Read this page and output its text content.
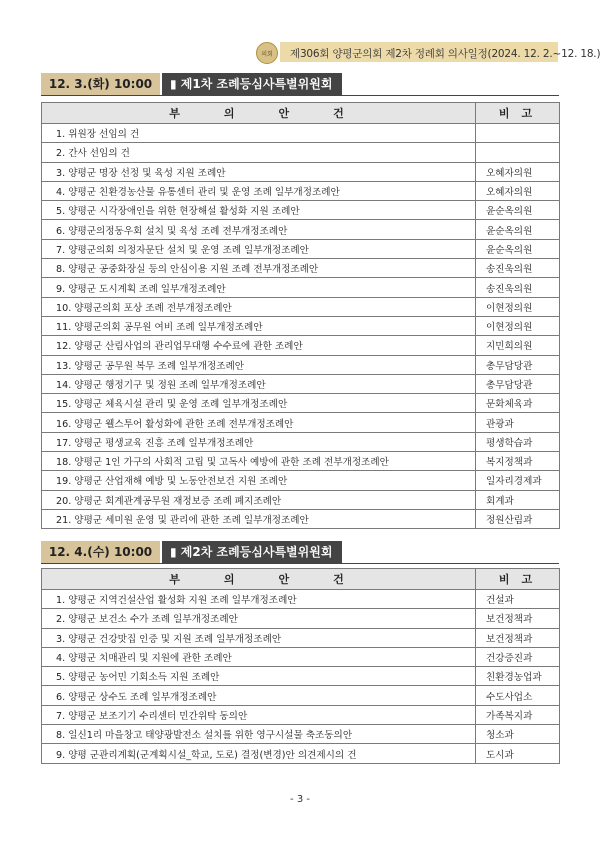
의회	제306회 양평군의회 제2차 정례회 의사일정(2024. 12. 2.~12. 18.)
12. 3.(화) 10:00	▮ 제1차 조례등심사특별위원회
부의안건	비고
1. 위원장 선임의 건	
2. 간사 선임의 건	
3. 양평군 명장 선정 및 육성 지원 조례안	오혜자의원
4. 양평군 친환경농산물 유통센터 관리 및 운영 조례 일부개정조례안	오혜자의원
5. 양평군 시각장애인을 위한 현장해설 활성화 지원 조례안	윤순옥의원
6. 양평군의정동우회 설치 및 육성 조례 전부개정조례안	윤순옥의원
7. 양평군의회 의정자문단 설치 및 운영 조례 일부개정조례안	윤순옥의원
8. 양평군 공중화장실 등의 안심이용 지원 조례 전부개정조례안	송진욱의원
9. 양평군 도시계획 조례 일부개정조례안	송진욱의원
10. 양평군의회 포상 조례 전부개정조례안	이현정의원
11. 양평군의회 공무원 여비 조례 일부개정조례안	이현정의원
12. 양평군 산림사업의 관리업무대행 수수료에 관한 조례안	지민희의원
13. 양평군 공무원 복무 조례 일부개정조례안	총무담당관
14. 양평군 행정기구 및 정원 조례 일부개정조례안	총무담당관
15. 양평군 체육시설 관리 및 운영 조례 일부개정조례안	문화체육과
16. 양평군 웰스투어 활성화에 관한 조례 전부개정조례안	관광과
17. 양평군 평생교육 진흥 조례 일부개정조례안	평생학습과
18. 양평군 1인 가구의 사회적 고립 및 고독사 예방에 관한 조례 전부개정조례안	복지정책과
19. 양평군 산업재해 예방 및 노동안전보건 지원 조례안	일자리경제과
20. 양평군 회계관계공무원 재정보증 조례 폐지조례안	회계과
21. 양평군 세미원 운영 및 관리에 관한 조례 일부개정조례안	정원산림과
12. 4.(수) 10:00	▮ 제2차 조례등심사특별위원회
부의안건	비고
1. 양평군 지역건설산업 활성화 지원 조례 일부개정조례안	건설과
2. 양평군 보건소 수가 조례 일부개정조례안	보건정책과
3. 양평군 건강맛집 인증 및 지원 조례 일부개정조례안	보건정책과
4. 양평군 치매관리 및 지원에 관한 조례안	건강증진과
5. 양평군 농어민 기회소득 지원 조례안	친환경농업과
6. 양평군 상수도 조례 일부개정조례안	수도사업소
7. 양평군 보조기기 수리센터 민간위탁 동의안	가족복지과
8. 일신1리 마을창고 태양광발전소 설치를 위한 영구시설물 축조동의안	청소과
9. 양평 군관리계획(군계획시설_학교, 도로) 결정(변경)안 의견제시의 건	도시과
- 3 -
